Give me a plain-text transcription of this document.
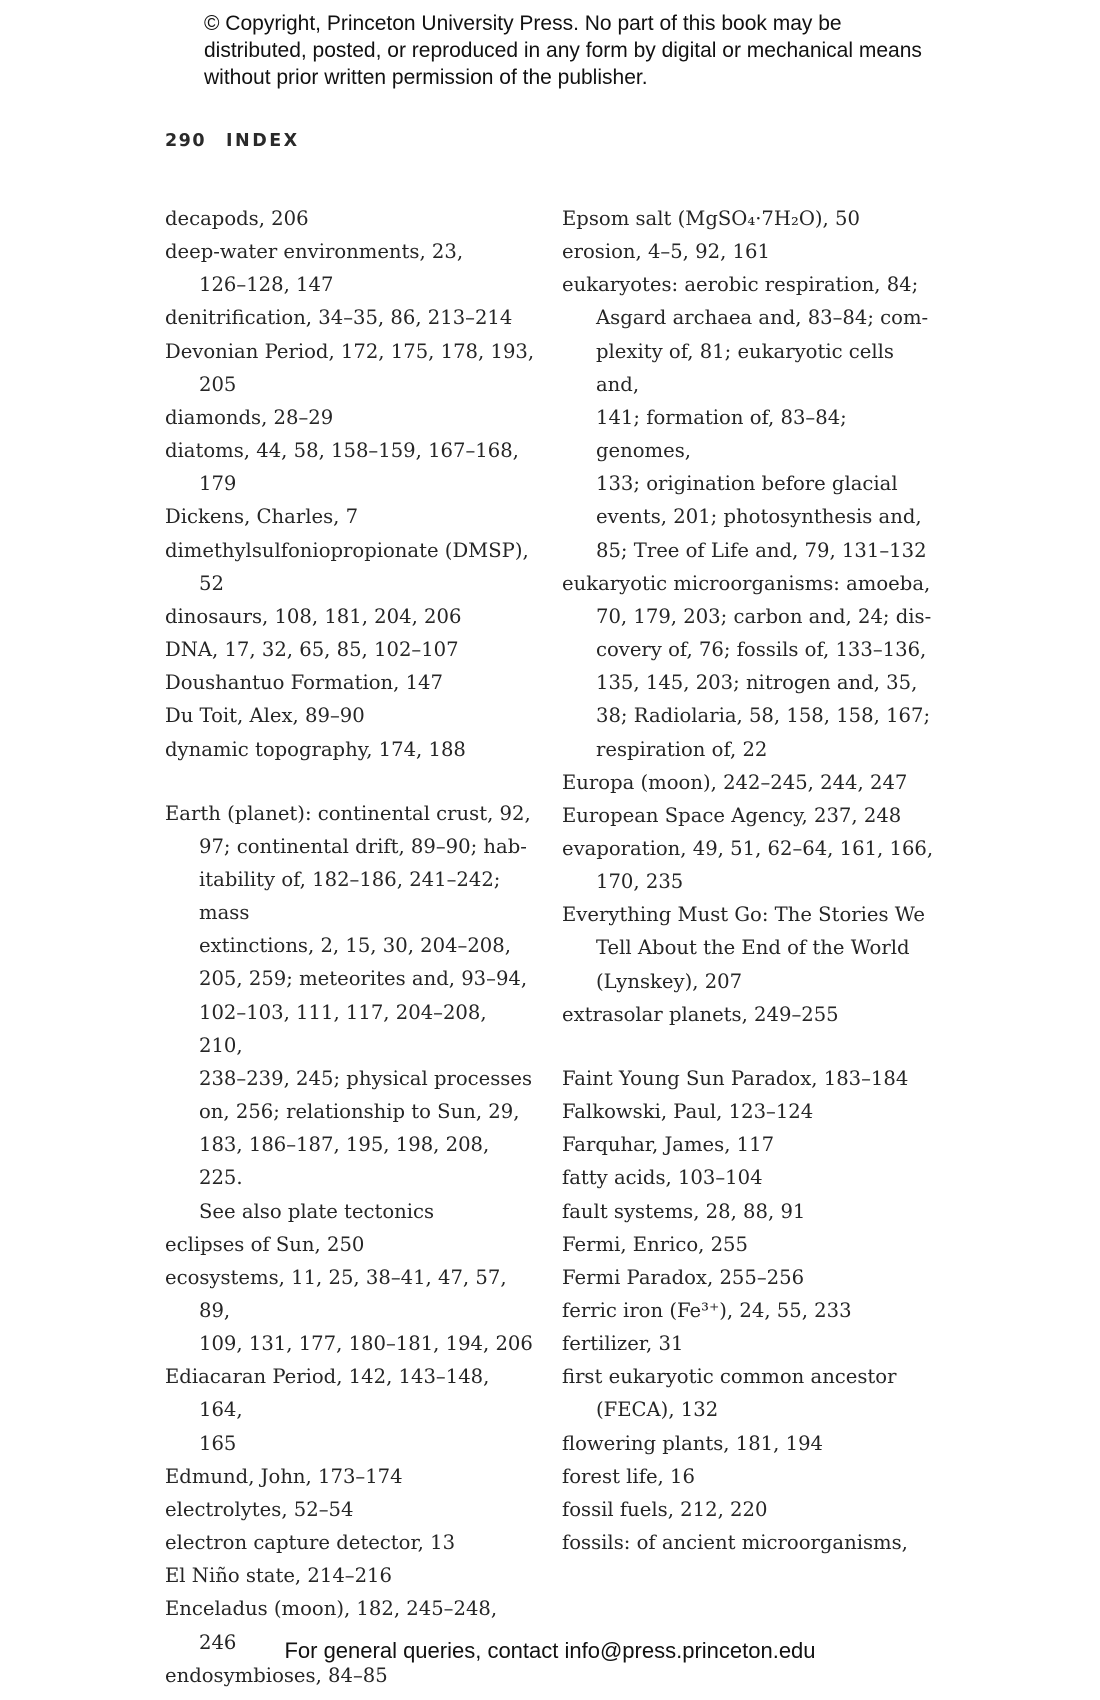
© Copyright, Princeton University Press. No part of this book may be distributed, posted, or reproduced in any form by digital or mechanical means without prior written permission of the publisher.

290 INDEX
decapods, 206
deep-water environments, 23,
126–128, 147
denitrification, 34–35, 86, 213–214
Devonian Period, 172, 175, 178, 193,
205
diamonds, 28–29
diatoms, 44, 58, 158–159, 167–168, 179
Dickens, Charles, 7
dimethylsulfoniopropionate (DMSP),
52
dinosaurs, 108, 181, 204, 206
DNA, 17, 32, 65, 85, 102–107
Doushantuo Formation, 147
Du Toit, Alex, 89–90
dynamic topography, 174, 188
Earth (planet): continental crust, 92,
97; continental drift, 89–90; hab-
itability of, 182–186, 241–242; mass
extinctions, 2, 15, 30, 204–208,
205, 259; meteorites and, 93–94,
102–103, 111, 117, 204–208, 210,
238–239, 245; physical processes
on, 256; relationship to Sun, 29,
183, 186–187, 195, 198, 208, 225.
See also plate tectonics
eclipses of Sun, 250
ecosystems, 11, 25, 38–41, 47, 57, 89,
109, 131, 177, 180–181, 194, 206
Ediacaran Period, 142, 143–148, 164,
165
Edmund, John, 173–174
electrolytes, 52–54
electron capture detector, 13
El Niño state, 214–216
Enceladus (moon), 182, 245–248,
246
endosymbioses, 84–85
Epsom salt (MgSO₄·7H₂O), 50
erosion, 4–5, 92, 161
eukaryotes: aerobic respiration, 84;
Asgard archaea and, 83–84; com-
plexity of, 81; eukaryotic cells and,
141; formation of, 83–84; genomes,
133; origination before glacial
events, 201; photosynthesis and,
85; Tree of Life and, 79, 131–132
eukaryotic microorganisms: amoeba,
70, 179, 203; carbon and, 24; dis-
covery of, 76; fossils of, 133–136,
135, 145, 203; nitrogen and, 35,
38; Radiolaria, 58, 158, 158, 167;
respiration of, 22
Europa (moon), 242–245, 244, 247
European Space Agency, 237, 248
evaporation, 49, 51, 62–64, 161, 166,
170, 235
Everything Must Go: The Stories We
Tell About the End of the World
(Lynskey), 207
extrasolar planets, 249–255
Faint Young Sun Paradox, 183–184
Falkowski, Paul, 123–124
Farquhar, James, 117
fatty acids, 103–104
fault systems, 28, 88, 91
Fermi, Enrico, 255
Fermi Paradox, 255–256
ferric iron (Fe³⁺), 24, 55, 233
fertilizer, 31
first eukaryotic common ancestor
(FECA), 132
flowering plants, 181, 194
forest life, 16
fossil fuels, 212, 220
fossils: of ancient microorganisms,

For general queries, contact info@press.princeton.edu
